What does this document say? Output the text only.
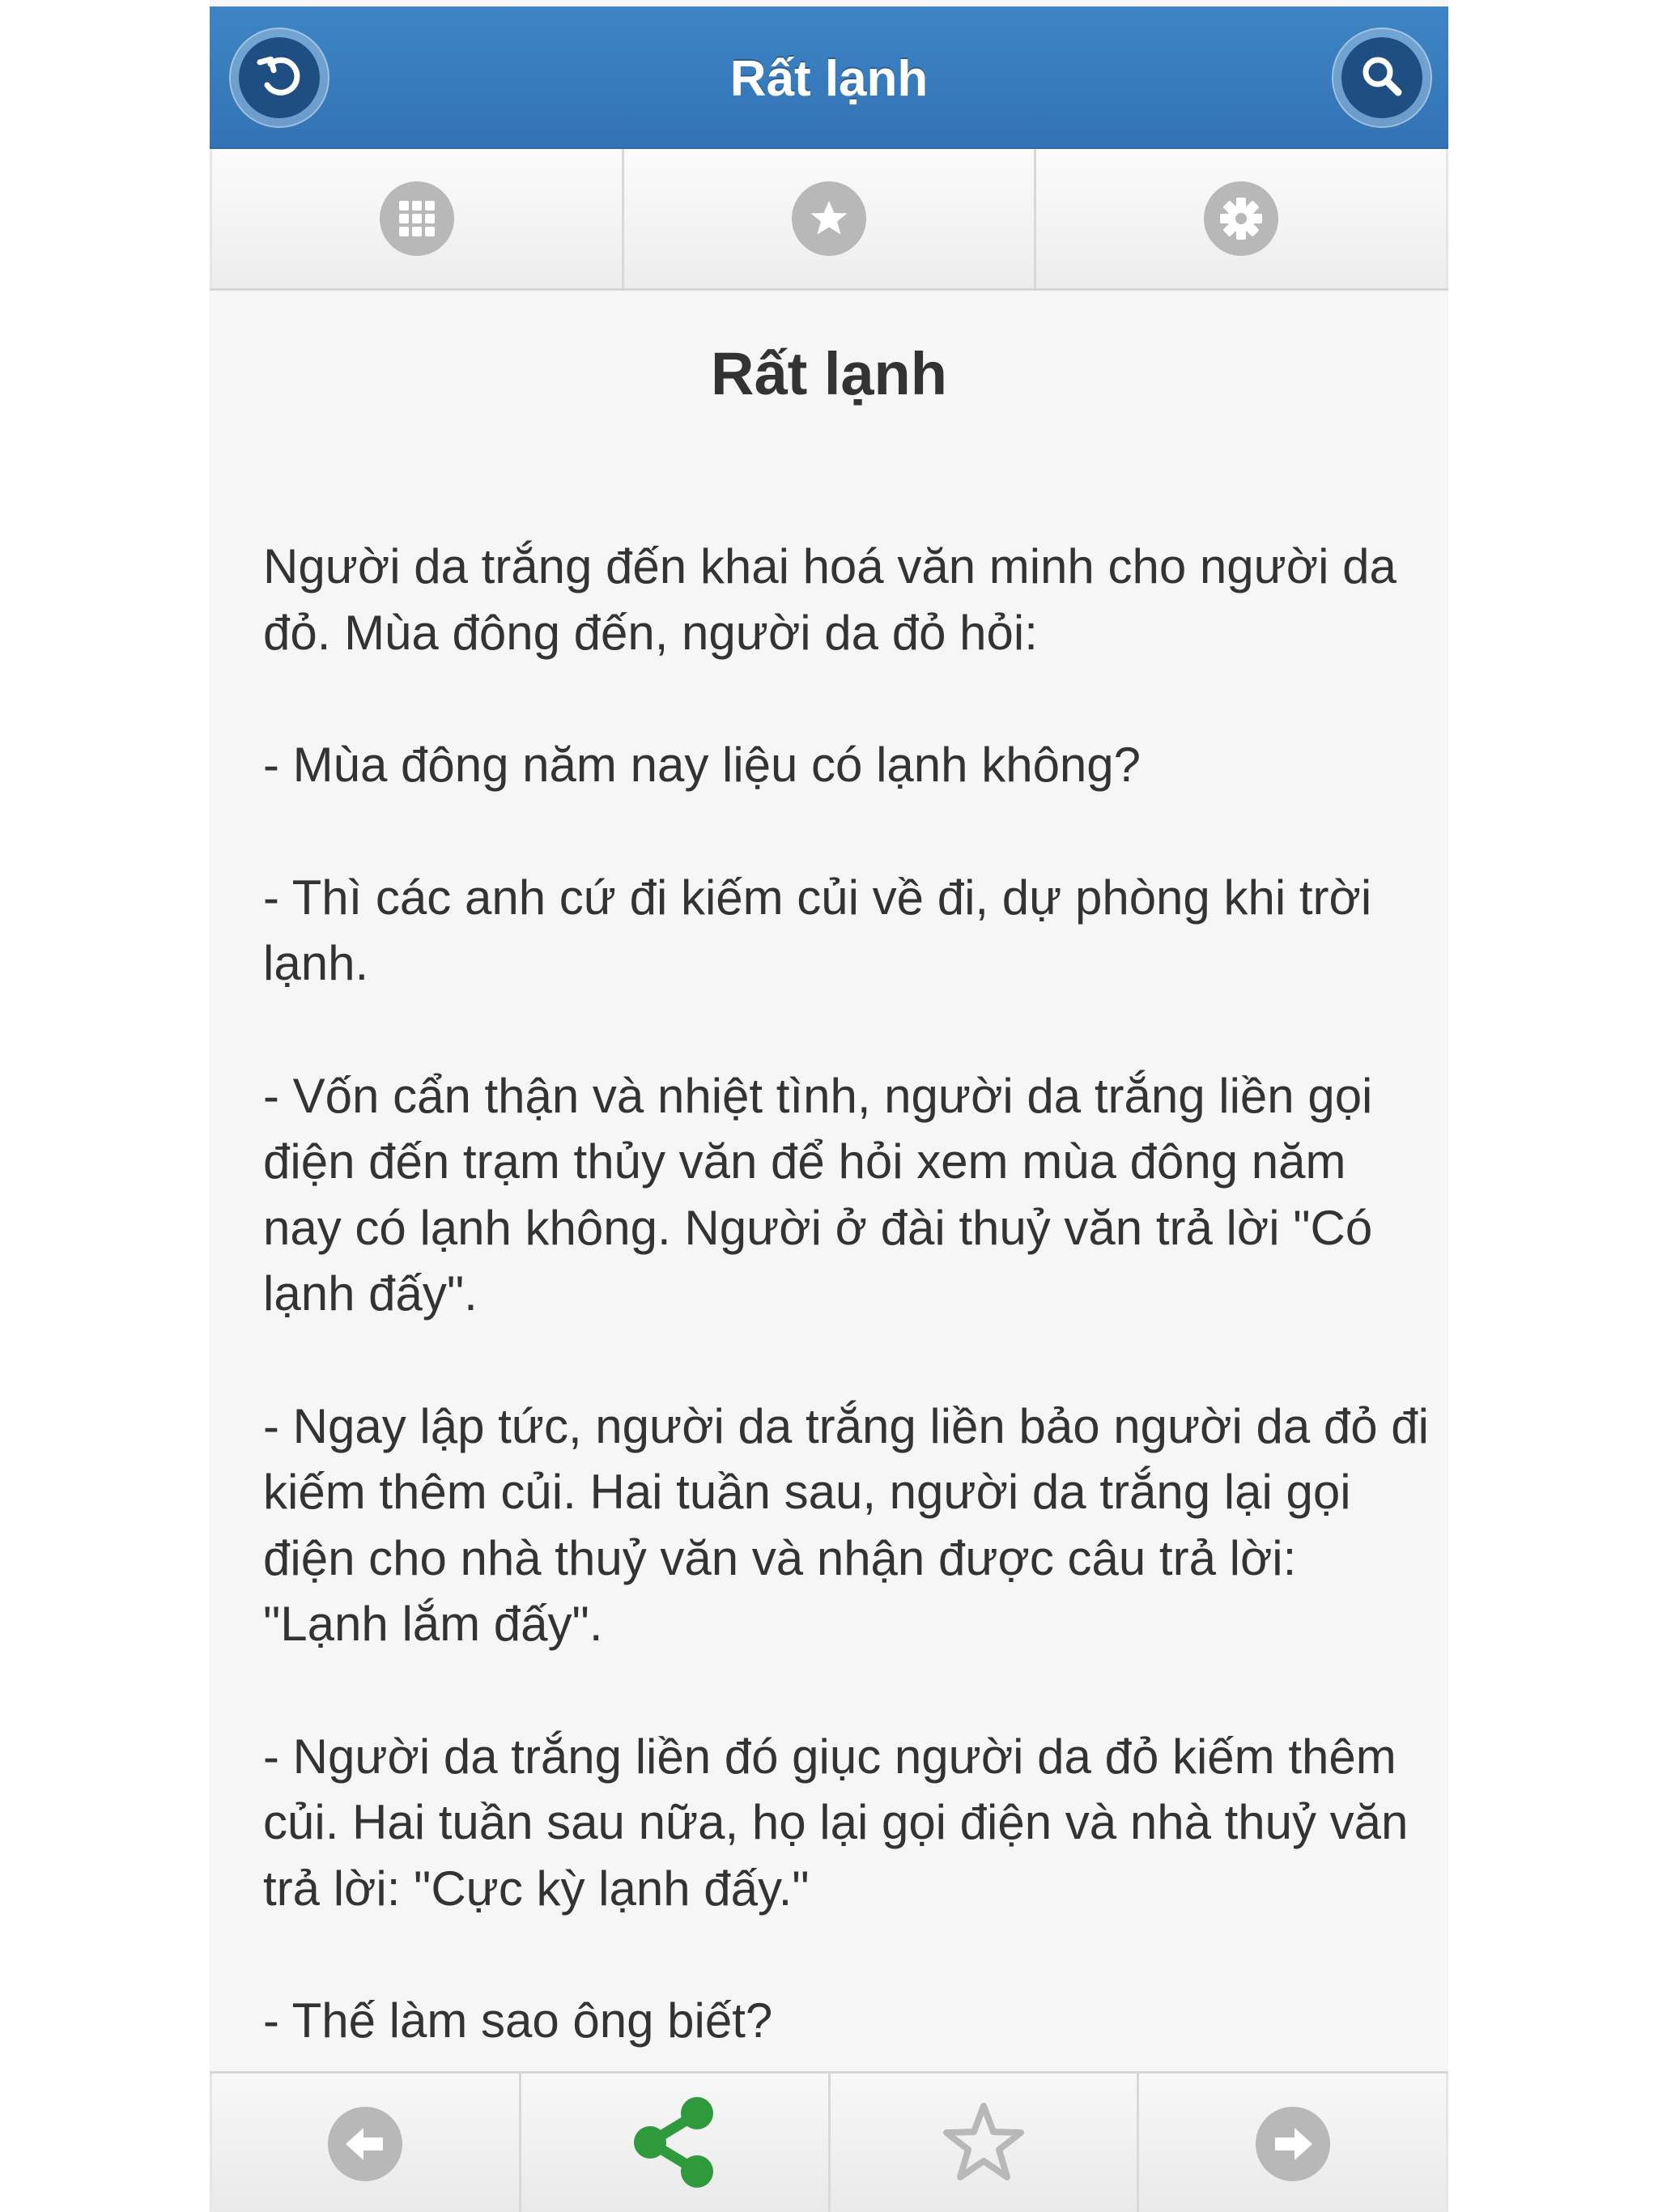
Rất lạnh
Rất lạnh

Người da trắng đến khai hoá văn minh cho người da đỏ. Mùa đông đến, người da đỏ hỏi:

- Mùa đông năm nay liệu có lạnh không?

- Thì các anh cứ đi kiếm củi về đi, dự phòng khi trời lạnh.

- Vốn cẩn thận và nhiệt tình, người da trắng liền gọi điện đến trạm thủy văn để hỏi xem mùa đông năm nay có lạnh không. Người ở đài thuỷ văn trả lời "Có lạnh đấy".

- Ngay lập tức, người da trắng liền bảo người da đỏ đi kiếm thêm củi. Hai tuần sau, người da trắng lại gọi điện cho nhà thuỷ văn và nhận được câu trả lời: "Lạnh lắm đấy".

- Người da trắng liền đó giục người da đỏ kiếm thêm củi. Hai tuần sau nữa, họ lại gọi điện và nhà thuỷ văn trả lời: "Cực kỳ lạnh đấy."

- Thế làm sao ông biết?
